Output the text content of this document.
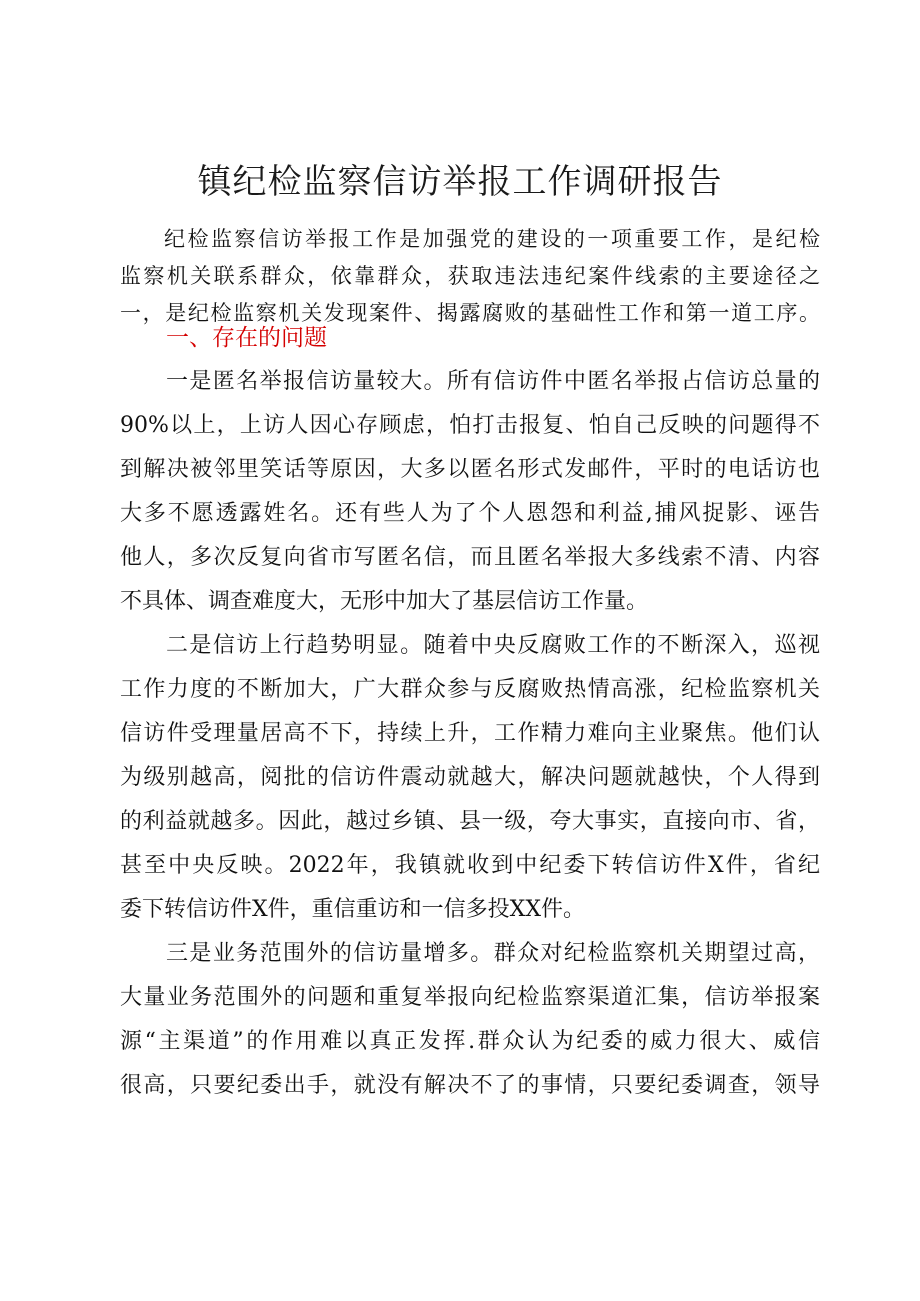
镇纪检监察信访举报工作调研报告
纪检监察信访举报工作是加强党的建设的一项重要工作，是纪检
监察机关联系群众，依靠群众，获取违法违纪案件线索的主要途径之
一，是纪检监察机关发现案件、揭露腐败的基础性工作和第一道工序。
一、存在的问题
一是匿名举报信访量较大。所有信访件中匿名举报占信访总量的
90%以上，上访人因心存顾虑，怕打击报复、怕自己反映的问题得不
到解决被邻里笑话等原因，大多以匿名形式发邮件，平时的电话访也
大多不愿透露姓名。还有些人为了个人恩怨和利益,捕风捉影、诬告
他人，多次反复向省市写匿名信，而且匿名举报大多线索不清、内容
不具体、调查难度大，无形中加大了基层信访工作量。
二是信访上行趋势明显。随着中央反腐败工作的不断深入，巡视
工作力度的不断加大，广大群众参与反腐败热情高涨，纪检监察机关
信访件受理量居高不下，持续上升，工作精力难向主业聚焦。他们认
为级别越高，阅批的信访件震动就越大，解决问题就越快，个人得到
的利益就越多。因此，越过乡镇、县一级，夸大事实，直接向市、省，
甚至中央反映。2022年，我镇就收到中纪委下转信访件X件，省纪
委下转信访件X件，重信重访和一信多投XX件。
三是业务范围外的信访量增多。群众对纪检监察机关期望过高，
大量业务范围外的问题和重复举报向纪检监察渠道汇集，信访举报案
源“主渠道”的作用难以真正发挥.群众认为纪委的威力很大、威信
很高，只要纪委出手，就没有解决不了的事情，只要纪委调查，领导
